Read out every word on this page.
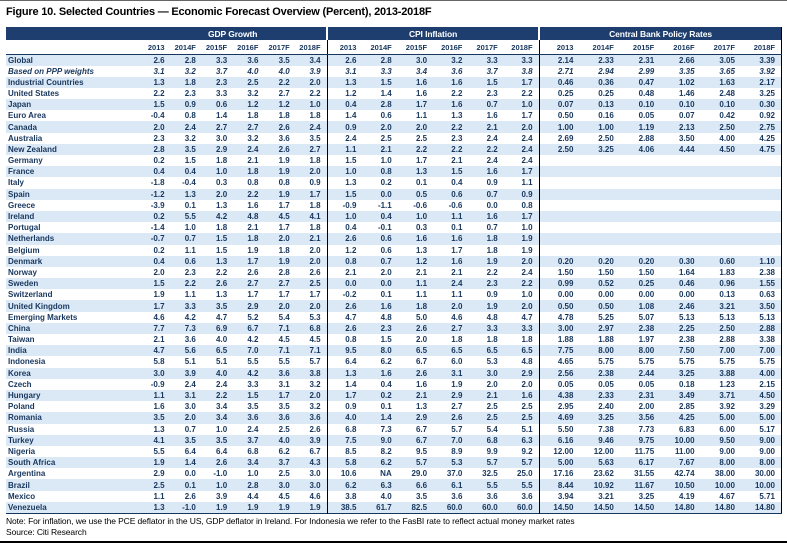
Figure 10. Selected Countries — Economic Forecast Overview (Percent), 2013-2018F
	GDP Growth						CPI Inflation						Central Bank Policy Rates					
	2013	2014F	2015F	2016F	2017F	2018F	2013	2014F	2015F	2016F	2017F	2018F	2013	2014F	2015F	2016F	2017F	2018F
Global	2.6	2.8	3.3	3.6	3.5	3.4	2.6	2.8	3.0	3.2	3.3	3.3	2.14	2.33	2.31	2.66	3.05	3.39
Based on PPP weights	3.1	3.2	3.7	4.0	4.0	3.9	3.1	3.3	3.4	3.6	3.7	3.8	2.71	2.94	2.99	3.35	3.65	3.92
Industrial Countries	1.3	1.8	2.3	2.5	2.2	2.0	1.3	1.5	1.6	1.6	1.5	1.7	0.46	0.36	0.47	1.02	1.63	2.17
United States	2.2	2.3	3.3	3.2	2.7	2.2	1.2	1.4	1.6	2.2	2.3	2.2	0.25	0.25	0.48	1.46	2.48	3.25
Japan	1.5	0.9	0.6	1.2	1.2	1.0	0.4	2.8	1.7	1.6	0.7	1.0	0.07	0.13	0.10	0.10	0.10	0.30
Euro Area	-0.4	0.8	1.4	1.8	1.8	1.8	1.4	0.6	1.1	1.3	1.6	1.7	0.50	0.16	0.05	0.07	0.42	0.92
Canada	2.0	2.4	2.7	2.7	2.6	2.4	0.9	2.0	2.0	2.2	2.1	2.0	1.00	1.00	1.19	2.13	2.50	2.75
Australia	2.3	3.2	3.0	3.2	3.6	3.5	2.4	2.5	2.5	2.3	2.4	2.4	2.69	2.50	2.88	3.50	4.00	4.25
New Zealand	2.8	3.5	2.9	2.4	2.6	2.7	1.1	2.1	2.2	2.2	2.2	2.4	2.50	3.25	4.06	4.44	4.50	4.75
Germany	0.2	1.5	1.8	2.1	1.9	1.8	1.5	1.0	1.7	2.1	2.4	2.4						
France	0.4	0.4	1.0	1.8	1.9	2.0	1.0	0.8	1.3	1.5	1.6	1.7						
Italy	-1.8	-0.4	0.3	0.8	0.8	0.9	1.3	0.2	0.1	0.4	0.9	1.1						
Spain	-1.2	1.3	2.0	2.2	1.9	1.7	1.5	0.0	0.5	0.6	0.7	0.9						
Greece	-3.9	0.1	1.3	1.6	1.7	1.8	-0.9	-1.1	-0.6	-0.6	0.0	0.8						
Ireland	0.2	5.5	4.2	4.8	4.5	4.1	1.0	0.4	1.0	1.1	1.6	1.7						
Portugal	-1.4	1.0	1.8	2.1	1.7	1.8	0.4	-0.1	0.3	0.1	0.7	1.0						
Netherlands	-0.7	0.7	1.5	1.8	2.0	2.1	2.6	0.6	1.6	1.6	1.8	1.9						
Belgium	0.2	1.1	1.5	1.9	1.8	2.0	1.2	0.6	1.3	1.7	1.8	1.9						
Denmark	0.4	0.6	1.3	1.7	1.9	2.0	0.8	0.7	1.2	1.6	1.9	2.0	0.20	0.20	0.20	0.30	0.60	1.10
Norway	2.0	2.3	2.2	2.6	2.8	2.6	2.1	2.0	2.1	2.1	2.2	2.4	1.50	1.50	1.50	1.64	1.83	2.38
Sweden	1.5	2.2	2.6	2.7	2.7	2.5	0.0	0.0	1.1	2.4	2.3	2.2	0.99	0.52	0.25	0.46	0.96	1.55
Switzerland	1.9	1.1	1.3	1.7	1.7	1.7	-0.2	0.1	1.1	1.1	0.9	1.0	0.00	0.00	0.00	0.00	0.13	0.63
United Kingdom	1.7	3.3	3.5	2.9	2.0	2.0	2.6	1.6	1.8	2.0	1.9	2.0	0.50	0.50	1.08	2.46	3.21	3.50
Emerging Markets	4.6	4.2	4.7	5.2	5.4	5.3	4.7	4.8	5.0	4.6	4.8	4.7	4.78	5.25	5.07	5.13	5.13	5.13
China	7.7	7.3	6.9	6.7	7.1	6.8	2.6	2.3	2.6	2.7	3.3	3.3	3.00	2.97	2.38	2.25	2.50	2.88
Taiwan	2.1	3.6	4.0	4.2	4.5	4.5	0.8	1.5	2.0	1.8	1.8	1.8	1.88	1.88	1.97	2.38	2.88	3.38
India	4.7	5.6	6.5	7.0	7.1	7.1	9.5	8.0	6.5	6.5	6.5	6.5	7.75	8.00	8.00	7.50	7.00	7.00
Indonesia	5.8	5.1	5.1	5.5	5.5	5.7	6.4	6.2	6.7	6.0	5.3	4.8	4.65	5.75	5.75	5.75	5.75	5.75
Korea	3.0	3.9	4.0	4.2	3.6	3.8	1.3	1.6	2.6	3.1	3.0	2.9	2.56	2.38	2.44	3.25	3.88	4.00
Czech	-0.9	2.4	2.4	3.3	3.1	3.2	1.4	0.4	1.6	1.9	2.0	2.0	0.05	0.05	0.05	0.18	1.23	2.15
Hungary	1.1	3.1	2.2	1.5	1.7	2.0	1.7	0.2	2.1	2.9	2.1	1.6	4.38	2.33	2.31	3.49	3.71	4.50
Poland	1.6	3.0	3.4	3.5	3.5	3.2	0.9	0.1	1.3	2.7	2.5	2.5	2.95	2.40	2.00	2.85	3.92	3.29
Romania	3.5	2.0	3.4	3.6	3.6	3.6	4.0	1.4	2.9	2.6	2.5	2.5	4.69	3.25	3.56	4.25	5.00	5.00
Russia	1.3	0.7	1.0	2.4	2.5	2.6	6.8	7.3	6.7	5.7	5.4	5.1	5.50	7.38	7.73	6.83	6.00	5.17
Turkey	4.1	3.5	3.5	3.7	4.0	3.9	7.5	9.0	6.7	7.0	6.8	6.3	6.16	9.46	9.75	10.00	9.50	9.00
Nigeria	5.5	6.4	6.4	6.8	6.2	6.7	8.5	8.2	9.5	8.9	9.9	9.2	12.00	12.00	11.75	11.00	9.00	9.00
South Africa	1.9	1.4	2.6	3.4	3.7	4.3	5.8	6.2	5.7	5.3	5.7	5.7	5.00	5.63	6.17	7.67	8.00	8.00
Argentina	2.9	0.0	-1.0	1.0	2.5	3.0	10.6	NA	29.0	37.0	32.5	25.0	17.16	23.62	31.55	42.74	38.00	30.00
Brazil	2.5	0.1	1.0	2.8	3.0	3.0	6.2	6.3	6.6	6.1	5.5	5.5	8.44	10.92	11.67	10.50	10.00	10.00
Mexico	1.1	2.6	3.9	4.4	4.5	4.6	3.8	4.0	3.5	3.6	3.6	3.6	3.94	3.21	3.25	4.19	4.67	5.71
Venezuela	1.3	-1.0	1.9	1.9	1.9	1.9	38.5	61.7	82.5	60.0	60.0	60.0	14.50	14.50	14.50	14.80	14.80	14.80
Note: For inflation, we use the PCE deflator in the US, GDP deflator in Ireland. For Indonesia we refer to the FasBI rate to reflect actual money market rates
Source: Citi Research
